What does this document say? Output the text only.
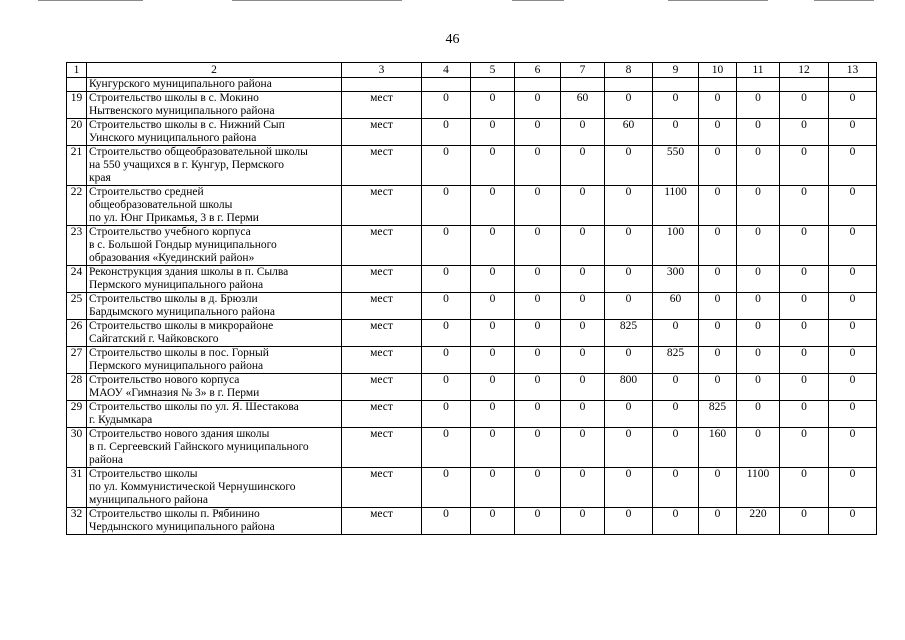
46
1	2	3	4	5	6	7	8	9	10	11	12	13
	Кунгурского муниципального района											
19	Строительство школы в с. Мокино
Нытвенского муниципального района	мест	0	0	0	60	0	0	0	0	0	0
20	Строительство школы в с. Нижний Сып
Уинского муниципального района	мест	0	0	0	0	60	0	0	0	0	0
21	Строительство общеобразовательной школы
на 550 учащихся в г. Кунгур, Пермского
края	мест	0	0	0	0	0	550	0	0	0	0
22	Строительство средней
общеобразовательной школы
по ул. Юнг Прикамья, 3 в г. Перми	мест	0	0	0	0	0	1100	0	0	0	0
23	Строительство учебного корпуса
в с. Большой Гондыр муниципального
образования «Куединский район»	мест	0	0	0	0	0	100	0	0	0	0
24	Реконструкция здания школы в п. Сылва
Пермского муниципального района	мест	0	0	0	0	0	300	0	0	0	0
25	Строительство школы в д. Брюзли
Бардымского муниципального района	мест	0	0	0	0	0	60	0	0	0	0
26	Строительство школы в микрорайоне
Сайгатский г. Чайковского	мест	0	0	0	0	825	0	0	0	0	0
27	Строительство школы в пос. Горный
Пермского муниципального района	мест	0	0	0	0	0	825	0	0	0	0
28	Строительство нового корпуса
МАОУ «Гимназия № 3» в г. Перми	мест	0	0	0	0	800	0	0	0	0	0
29	Строительство школы по ул. Я. Шестакова
г. Кудымкара	мест	0	0	0	0	0	0	825	0	0	0
30	Строительство нового здания школы
в п. Сергеевский Гайнского муниципального
района	мест	0	0	0	0	0	0	160	0	0	0
31	Строительство школы
по ул. Коммунистической Чернушинского
муниципального района	мест	0	0	0	0	0	0	0	1100	0	0
32	Строительство школы п. Рябинино
Чердынского муниципального района	мест	0	0	0	0	0	0	0	220	0	0
